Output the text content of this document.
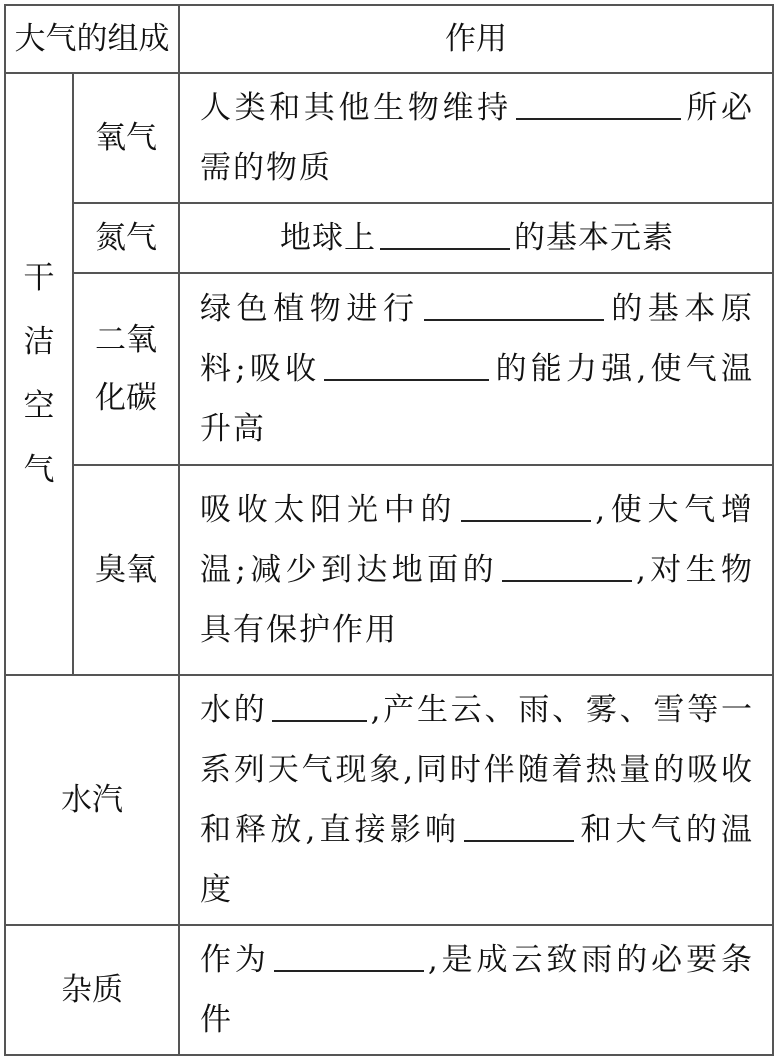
大气的组成		作用
干洁空气	氧气	人类和其他生物维持 所必需的物质
	氮气	地球上 的基本元素
	二氧化碳	绿色植物进行 的基本原料;吸收 的能力强,使气温升高
	臭氧	吸收太阳光中的 ,使大气增温;减少到达地面的 ,对生物具有保护作用
水汽		水的 ,产生云、雨、雾、雪等一系列天气现象,同时伴随着热量的吸收和释放,直接影响 和大气的温度
杂质		作为 ,是成云致雨的必要条件
